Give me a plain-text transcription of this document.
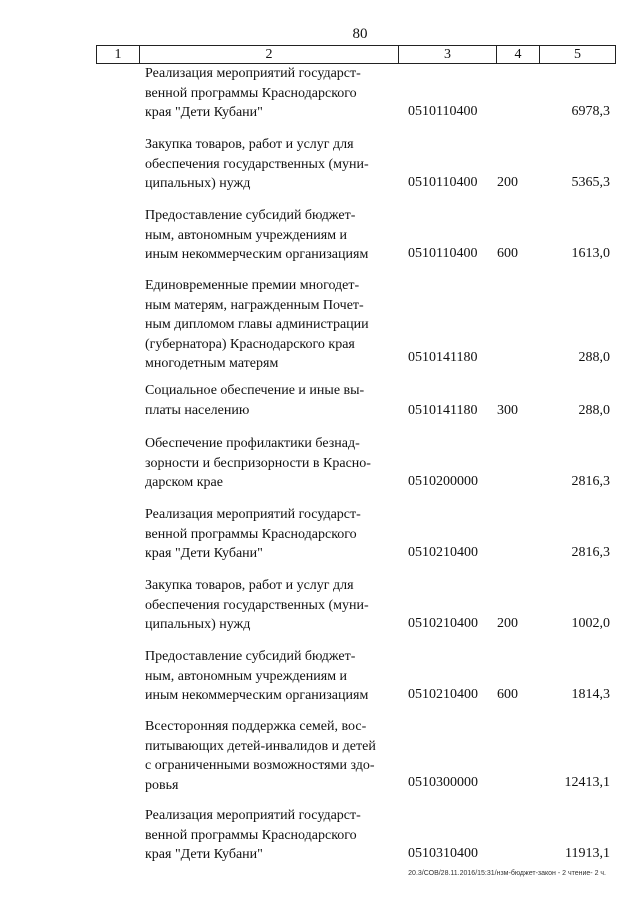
80
1	2	3	4	5
Реализация мероприятий государст-
венной программы Краснодарского
края "Дети Кубани"	0510110400	6978,3
Закупка товаров, работ и услуг для
обеспечения государственных (муни-
ципальных) нужд	0510110400 200	5365,3
Предоставление субсидий бюджет-
ным, автономным учреждениям и
иным некоммерческим организациям	0510110400 600	1613,0
Единовременные премии многодет-
ным матерям, награжденным Почет-
ным дипломом главы администрации
(губернатора) Краснодарского края
многодетным матерям	0510141180	288,0
Социальное обеспечение и иные вы-
платы населению	0510141180 300	288,0
Обеспечение профилактики безнад-
зорности и беспризорности в Красно-
дарском крае	0510200000	2816,3
Реализация мероприятий государст-
венной программы Краснодарского
края "Дети Кубани"	0510210400	2816,3
Закупка товаров, работ и услуг для
обеспечения государственных (муни-
ципальных) нужд	0510210400 200	1002,0
Предоставление субсидий бюджет-
ным, автономным учреждениям и
иным некоммерческим организациям	0510210400 600	1814,3
Всесторонняя поддержка семей, вос-
питывающих детей-инвалидов и детей
с ограниченными возможностями здо-
ровья	0510300000	12413,1
Реализация мероприятий государст-
венной программы Краснодарского
края "Дети Кубани"	0510310400	11913,1
20.3/СОВ/28.11.2016/15:31/нзм-бюджет-закон - 2 чтение- 2 ч.
